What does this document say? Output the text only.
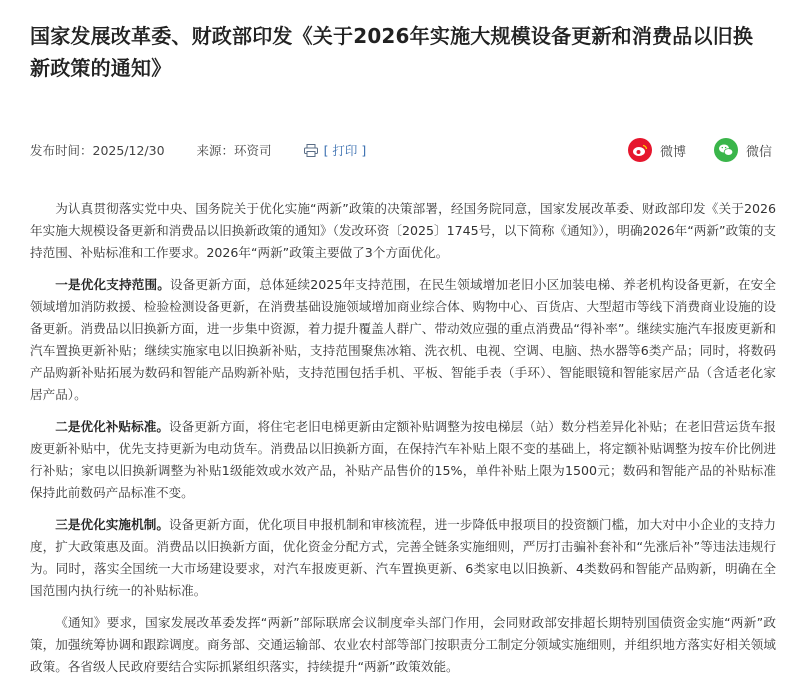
国家发展改革委、财政部印发《关于2026年实施大规模设备更新和消费品以旧换新政策的通知》
发布时间：2025/12/30	来源：环资司	[ 打印 ]	微博	微信

为认真贯彻落实党中央、国务院关于优化实施“两新”政策的决策部署，经国务院同意，国家发展改革委、财政部印发《关于2026年实施大规模设备更新和消费品以旧换新政策的通知》（发改环资〔2025〕1745号，以下简称《通知》），明确2026年“两新”政策的支持范围、补贴标准和工作要求。2026年“两新”政策主要做了3个方面优化。

一是优化支持范围。设备更新方面，总体延续2025年支持范围，在民生领域增加老旧小区加装电梯、养老机构设备更新，在安全领域增加消防救援、检验检测设备更新，在消费基础设施领域增加商业综合体、购物中心、百货店、大型超市等线下消费商业设施的设备更新。消费品以旧换新方面，进一步集中资源，着力提升覆盖人群广、带动效应强的重点消费品“得补率”。继续实施汽车报废更新和汽车置换更新补贴；继续实施家电以旧换新补贴，支持范围聚焦冰箱、洗衣机、电视、空调、电脑、热水器等6类产品；同时，将数码产品购新补贴拓展为数码和智能产品购新补贴，支持范围包括手机、平板、智能手表（手环）、智能眼镜和智能家居产品（含适老化家居产品）。

二是优化补贴标准。设备更新方面，将住宅老旧电梯更新由定额补贴调整为按电梯层（站）数分档差异化补贴；在老旧营运货车报废更新补贴中，优先支持更新为电动货车。消费品以旧换新方面，在保持汽车补贴上限不变的基础上，将定额补贴调整为按车价比例进行补贴；家电以旧换新调整为补贴1级能效或水效产品，补贴产品售价的15%，单件补贴上限为1500元；数码和智能产品的补贴标准保持此前数码产品标准不变。

三是优化实施机制。设备更新方面，优化项目申报机制和审核流程，进一步降低申报项目的投资额门槛，加大对中小企业的支持力度，扩大政策惠及面。消费品以旧换新方面，优化资金分配方式，完善全链条实施细则，严厉打击骗补套补和“先涨后补”等违法违规行为。同时，落实全国统一大市场建设要求，对汽车报废更新、汽车置换更新、6类家电以旧换新、4类数码和智能产品购新，明确在全国范围内执行统一的补贴标准。

《通知》要求，国家发展改革委发挥“两新”部际联席会议制度牵头部门作用，会同财政部安排超长期特别国债资金实施“两新”政策，加强统筹协调和跟踪调度。商务部、交通运输部、农业农村部等部门按职责分工制定分领域实施细则，并组织地方落实好相关领域政策。各省级人民政府要结合实际抓紧组织落实，持续提升“两新”政策效能。
